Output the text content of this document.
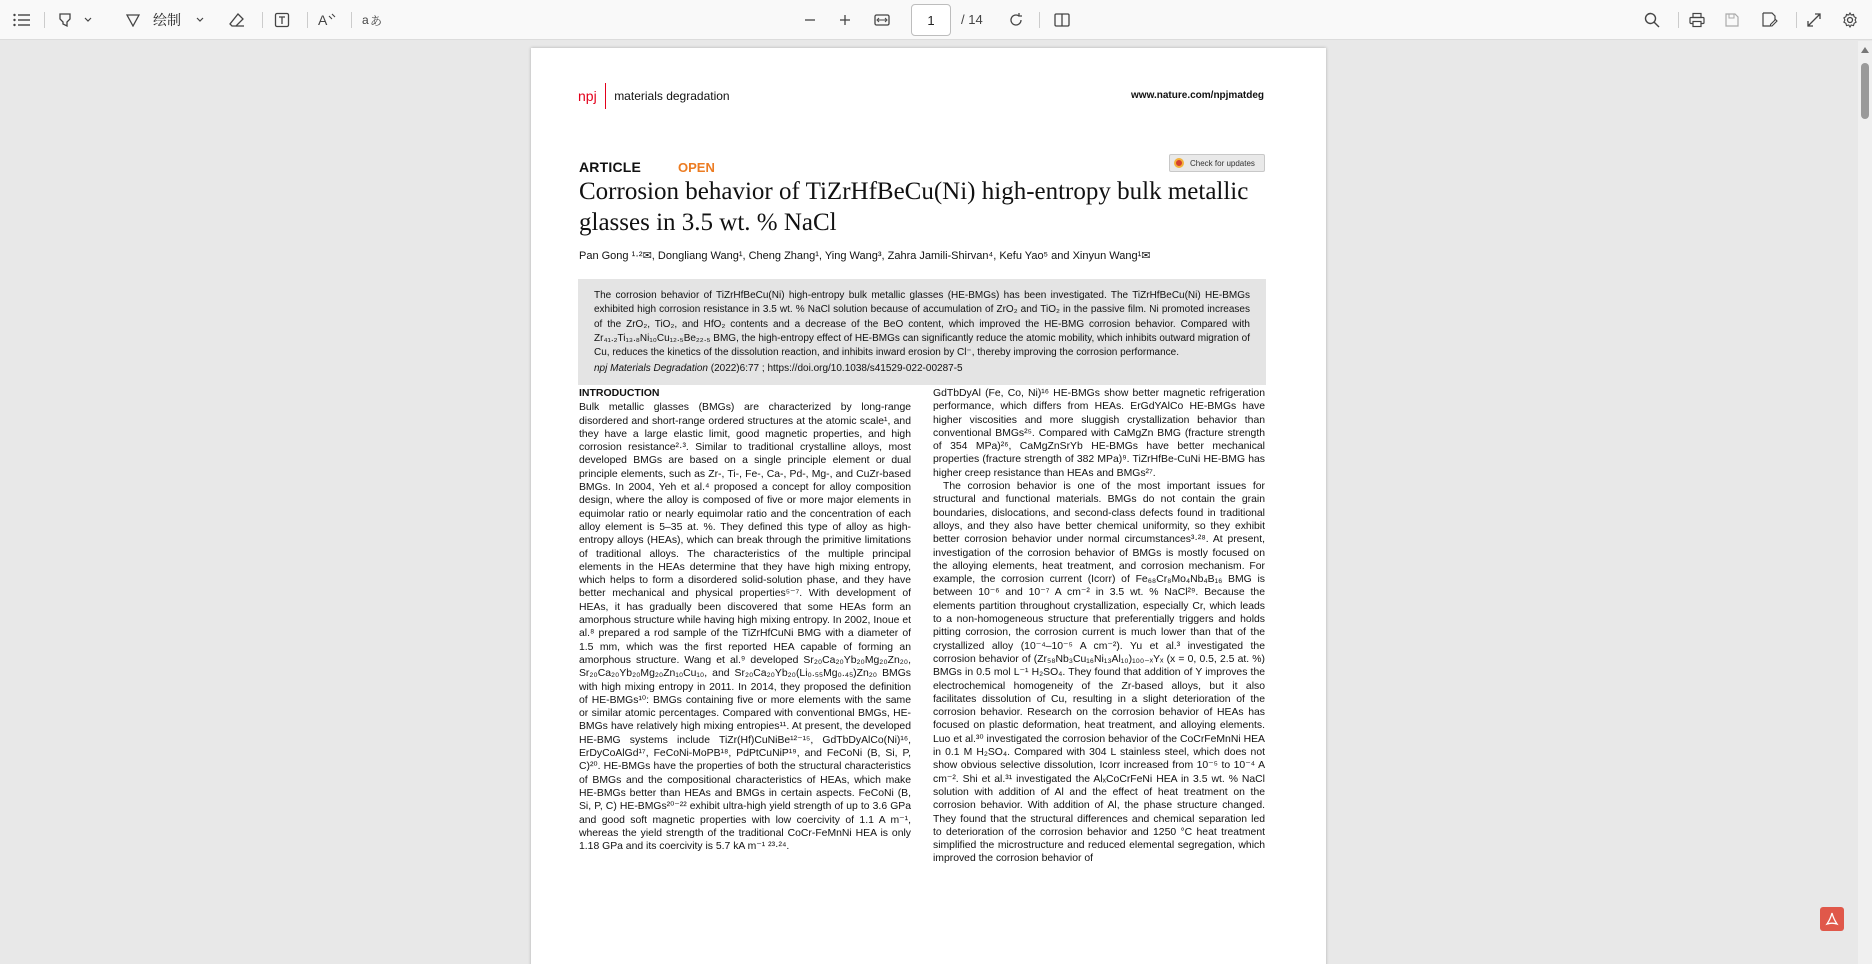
绘制	A	a あ
1	/ 14
npj materials degradation	www.nature.com/npjmatdeg
ARTICLE	OPEN	Check for updates
Corrosion behavior of TiZrHfBeCu(Ni) high-entropy bulk metallic glasses in 3.5 wt. % NaCl
Pan Gong ¹·²✉, Dongliang Wang¹, Cheng Zhang¹, Ying Wang³, Zahra Jamili-Shirvan⁴, Kefu Yao⁵ and Xinyun Wang¹✉
The corrosion behavior of TiZrHfBeCu(Ni) high-entropy bulk metallic glasses (HE-BMGs) has been investigated. The TiZrHfBeCu(Ni) HE-BMGs exhibited high corrosion resistance in 3.5 wt. % NaCl solution because of accumulation of ZrO₂ and TiO₂ in the passive film. Ni promoted increases of the ZrO₂, TiO₂, and HfO₂ contents and a decrease of the BeO content, which improved the HE-BMG corrosion behavior. Compared with Zr₄₁.₂Ti₁₃.₈Ni₁₀Cu₁₂.₅Be₂₂.₅ BMG, the high-entropy effect of HE-BMGs can significantly reduce the atomic mobility, which inhibits outward migration of Cu, reduces the kinetics of the dissolution reaction, and inhibits inward erosion by Cl⁻, thereby improving the corrosion performance.
npj Materials Degradation (2022)6:77 ; https://doi.org/10.1038/s41529-022-00287-5
INTRODUCTION

Bulk metallic glasses (BMGs) are characterized by long-range disordered and short-range ordered structures at the atomic scale¹, and they have a large elastic limit, good magnetic properties, and high corrosion resistance²·³. Similar to traditional crystalline alloys, most developed BMGs are based on a single principle element or dual principle elements, such as Zr-, Ti-, Fe-, Ca-, Pd-, Mg-, and CuZr-based BMGs. In 2004, Yeh et al.⁴ proposed a concept for alloy composition design, where the alloy is composed of five or more major elements in equimolar ratio or nearly equimolar ratio and the concentration of each alloy element is 5–35 at. %. They defined this type of alloy as high-entropy alloys (HEAs), which can break through the primitive limitations of traditional alloys. The characteristics of the multiple principal elements in the HEAs determine that they have high mixing entropy, which helps to form a disordered solid-solution phase, and they have better mechanical and physical properties⁵⁻⁷. With development of HEAs, it has gradually been discovered that some HEAs form an amorphous structure while having high mixing entropy. In 2002, Inoue et al.⁸ prepared a rod sample of the TiZrHfCuNi BMG with a diameter of 1.5 mm, which was the first reported HEA capable of forming an amorphous structure. Wang et al.⁹ developed Sr₂₀Ca₂₀Yb₂₀Mg₂₀Zn₂₀, Sr₂₀Ca₂₀Yb₂₀Mg₂₀Zn₁₀Cu₁₀, and Sr₂₀Ca₂₀Yb₂₀(Li₀.₅₅Mg₀.₄₅)Zn₂₀ BMGs with high mixing entropy in 2011. In 2014, they proposed the definition of HE-BMGs¹⁰: BMGs containing five or more elements with the same or similar atomic percentages. Compared with conventional BMGs, HE-BMGs have relatively high mixing entropies¹¹. At present, the developed HE-BMG systems include TiZr(Hf)CuNiBe¹²⁻¹⁵, GdTbDyAlCo(Ni)¹⁶, ErDyCoAlGd¹⁷, FeCoNi-MoPB¹⁸, PdPtCuNiP¹⁹, and FeCoNi (B, Si, P, C)²⁰. HE-BMGs have the properties of both the structural characteristics of BMGs and the compositional characteristics of HEAs, which make HE-BMGs better than HEAs and BMGs in certain aspects. FeCoNi (B, Si, P, C) HE-BMGs²⁰⁻²² exhibit ultra-high yield strength of up to 3.6 GPa and good soft magnetic properties with low coercivity of 1.1 A m⁻¹, whereas the yield strength of the traditional CoCr-FeMnNi HEA is only 1.18 GPa and its coercivity is 5.7 kA m⁻¹ ²³·²⁴.

GdTbDyAl (Fe, Co, Ni)¹⁶ HE-BMGs show better magnetic refrigeration performance, which differs from HEAs. ErGdYAlCo HE-BMGs have higher viscosities and more sluggish crystallization behavior than conventional BMGs²⁵. Compared with CaMgZn BMG (fracture strength of 354 MPa)²⁶, CaMgZnSrYb HE-BMGs have better mechanical properties (fracture strength of 382 MPa)⁹. TiZrHfBe-CuNi HE-BMG has higher creep resistance than HEAs and BMGs²⁷.

The corrosion behavior is one of the most important issues for structural and functional materials. BMGs do not contain the grain boundaries, dislocations, and second-class defects found in traditional alloys, and they also have better chemical uniformity, so they exhibit better corrosion behavior under normal circumstances³·²⁸. At present, investigation of the corrosion behavior of BMGs is mostly focused on the alloying elements, heat treatment, and corrosion mechanism. For example, the corrosion current (Icorr) of Fe₆₈Cr₈Mo₄Nb₄B₁₆ BMG is between 10⁻⁶ and 10⁻⁷ A cm⁻² in 3.5 wt. % NaCl²⁹. Because the elements partition throughout crystallization, especially Cr, which leads to a non-homogeneous structure that preferentially triggers and holds pitting corrosion, the corrosion current is much lower than that of the crystallized alloy (10⁻⁴–10⁻⁵ A cm⁻²). Yu et al.³ investigated the corrosion behavior of (Zr₅₈Nb₃Cu₁₆Ni₁₃Al₁₀)₁₀₀₋ₓYₓ (x = 0, 0.5, 2.5 at. %) BMGs in 0.5 mol L⁻¹ H₂SO₄. They found that addition of Y improves the electrochemical homogeneity of the Zr-based alloys, but it also facilitates dissolution of Cu, resulting in a slight deterioration of the corrosion behavior. Research on the corrosion behavior of HEAs has focused on plastic deformation, heat treatment, and alloying elements. Luo et al.³⁰ investigated the corrosion behavior of the CoCrFeMnNi HEA in 0.1 M H₂SO₄. Compared with 304 L stainless steel, which does not show obvious selective dissolution, Icorr increased from 10⁻⁵ to 10⁻⁴ A cm⁻². Shi et al.³¹ investigated the AlₓCoCrFeNi HEA in 3.5 wt. % NaCl solution with addition of Al and the effect of heat treatment on the corrosion behavior. With addition of Al, the phase structure changed. They found that the structural differences and chemical separation led to deterioration of the corrosion behavior and 1250 °C heat treatment simplified the microstructure and reduced elemental segregation, which improved the corrosion behavior of
